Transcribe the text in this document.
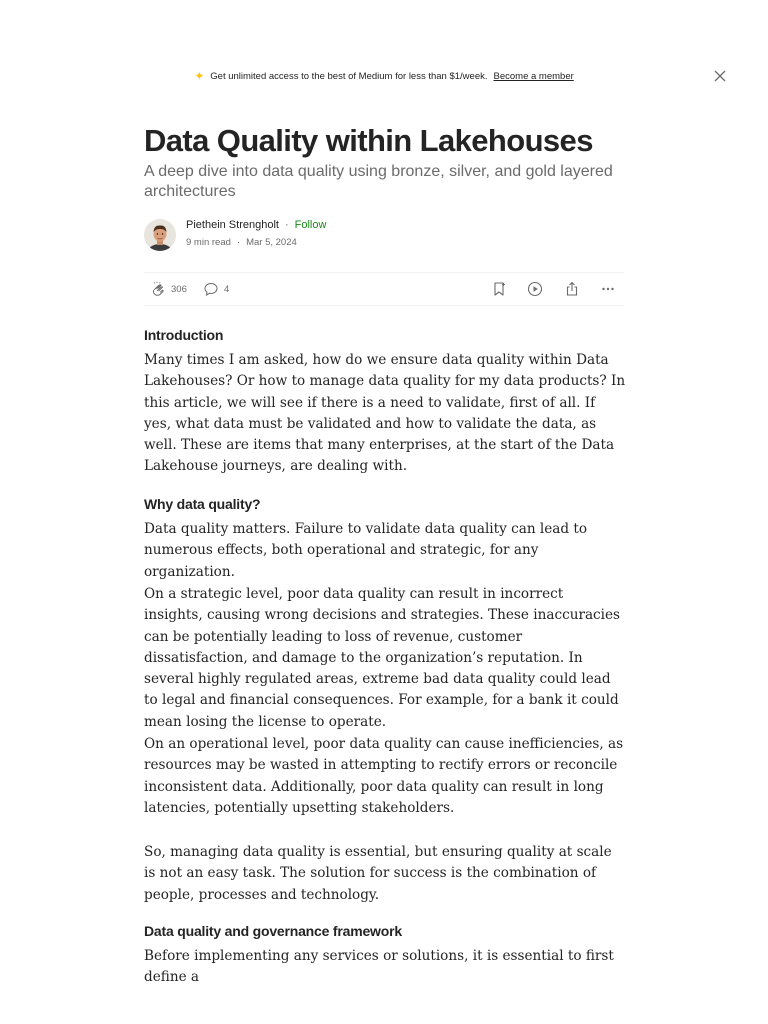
✦ Get unlimited access to the best of Medium for less than $1/week. Become a member
Data Quality within Lakehouses

A deep dive into data quality using bronze, silver, and gold layered architectures

Piethein Strengholt · Follow
9 min read · Mar 5, 2024
306	4
Introduction

Many times I am asked, how do we ensure data quality within Data Lakehouses? Or how to manage data quality for my data products? In this article, we will see if there is a need to validate, first of all. If yes, what data must be validated and how to validate the data, as well. These are items that many enterprises, at the start of the Data Lakehouse journeys, are dealing with.

Why data quality?

Data quality matters. Failure to validate data quality can lead to numerous effects, both operational and strategic, for any organization.

On a strategic level, poor data quality can result in incorrect insights, causing wrong decisions and strategies. These inaccuracies can be potentially leading to loss of revenue, customer dissatisfaction, and damage to the organization’s reputation. In several highly regulated areas, extreme bad data quality could lead to legal and financial consequences. For example, for a bank it could mean losing the license to operate.

On an operational level, poor data quality can cause inefficiencies, as resources may be wasted in attempting to rectify errors or reconcile inconsistent data. Additionally, poor data quality can result in long latencies, potentially upsetting stakeholders.

So, managing data quality is essential, but ensuring quality at scale is not an easy task. The solution for success is the combination of people, processes and technology.

Data quality and governance framework

Before implementing any services or solutions, it is essential to first define a
